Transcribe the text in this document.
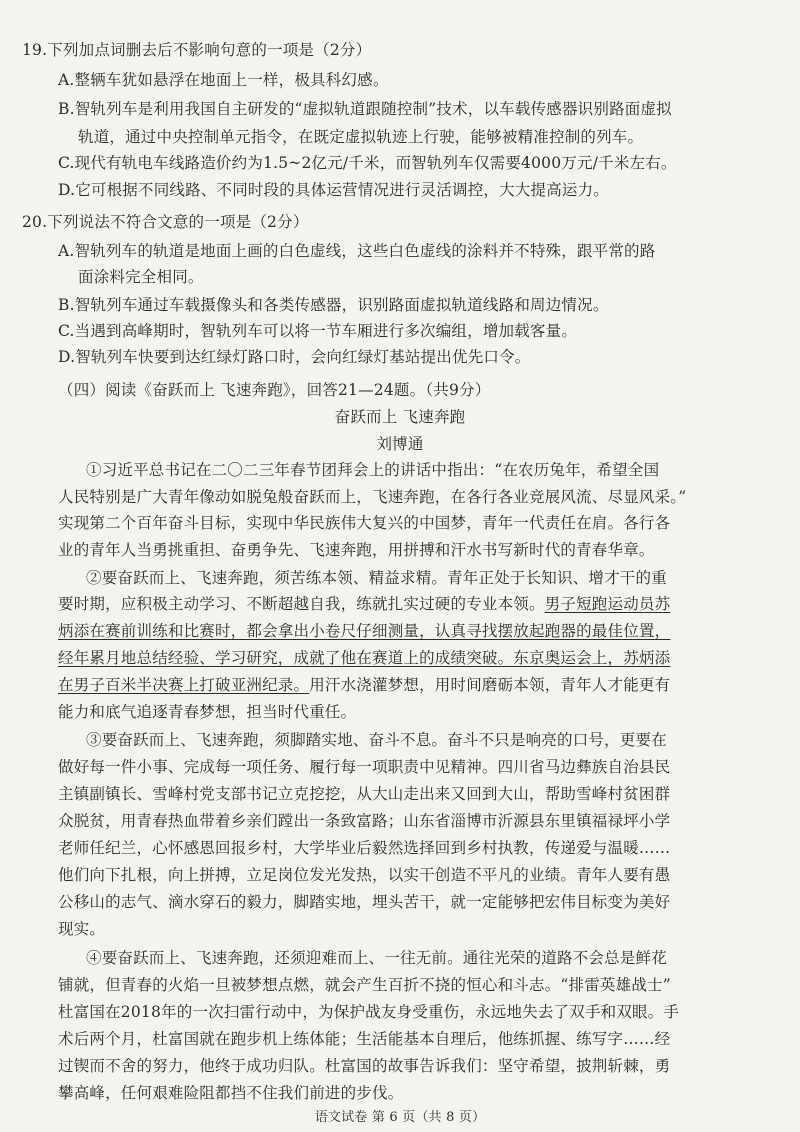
19.下列加点词删去后不影响句意的一项是（2分）
A.整辆车犹如悬浮在地面上一样，极具科幻感。
B.智轨列车是利用我国自主研发的“虚拟轨道跟随控制”技术，以车载传感器识别路面虚拟
轨道，通过中央控制单元指令，在既定虚拟轨迹上行驶，能够被精准控制的列车。
C.现代有轨电车线路造价约为1.5~2亿元/千米，而智轨列车仅需要4000万元/千米左右。
D.它可根据不同线路、不同时段的具体运营情况进行灵活调控，大大提高运力。
20.下列说法不符合文意的一项是（2分）
A.智轨列车的轨道是地面上画的白色虚线，这些白色虚线的涂料并不特殊，跟平常的路
面涂料完全相同。
B.智轨列车通过车载摄像头和各类传感器，识别路面虚拟轨道线路和周边情况。
C.当遇到高峰期时，智轨列车可以将一节车厢进行多次编组，增加载客量。
D.智轨列车快要到达红绿灯路口时，会向红绿灯基站提出优先口令。
（四）阅读《奋跃而上 飞速奔跑》，回答21—24题。（共9分）
奋跃而上 飞速奔跑
刘博通
①习近平总书记在二〇二三年春节团拜会上的讲话中指出：“在农历兔年，希望全国
人民特别是广大青年像动如脱兔般奋跃而上，飞速奔跑，在各行各业竞展风流、尽显风采。”
实现第二个百年奋斗目标，实现中华民族伟大复兴的中国梦，青年一代责任在肩。各行各
业的青年人当勇挑重担、奋勇争先、飞速奔跑，用拼搏和汗水书写新时代的青春华章。
②要奋跃而上、飞速奔跑，须苦练本领、精益求精。青年正处于长知识、增才干的重
要时期，应积极主动学习、不断超越自我，练就扎实过硬的专业本领。男子短跑运动员苏
炳添在赛前训练和比赛时，都会拿出小卷尺仔细测量，认真寻找摆放起跑器的最佳位置，
经年累月地总结经验、学习研究，成就了他在赛道上的成绩突破。东京奥运会上，苏炳添
在男子百米半决赛上打破亚洲纪录。用汗水浇灌梦想，用时间磨砺本领，青年人才能更有
能力和底气追逐青春梦想，担当时代重任。
③要奋跃而上、飞速奔跑，须脚踏实地、奋斗不息。奋斗不只是响亮的口号，更要在
做好每一件小事、完成每一项任务、履行每一项职责中见精神。四川省马边彝族自治县民
主镇副镇长、雪峰村党支部书记立克挖挖，从大山走出来又回到大山，帮助雪峰村贫困群
众脱贫，用青春热血带着乡亲们蹚出一条致富路；山东省淄博市沂源县东里镇福禄坪小学
老师任纪兰，心怀感恩回报乡村，大学毕业后毅然选择回到乡村执教，传递爱与温暖……
他们向下扎根，向上拼搏，立足岗位发光发热，以实干创造不平凡的业绩。青年人要有愚
公移山的志气、滴水穿石的毅力，脚踏实地，埋头苦干，就一定能够把宏伟目标变为美好
现实。
④要奋跃而上、飞速奔跑，还须迎难而上、一往无前。通往光荣的道路不会总是鲜花
铺就，但青春的火焰一旦被梦想点燃，就会产生百折不挠的恒心和斗志。“排雷英雄战士”
杜富国在2018年的一次扫雷行动中，为保护战友身受重伤，永远地失去了双手和双眼。手
术后两个月，杜富国就在跑步机上练体能；生活能基本自理后，他练抓握、练写字……经
过锲而不舍的努力，他终于成功归队。杜富国的故事告诉我们：坚守希望，披荆斩棘，勇
攀高峰，任何艰难险阻都挡不住我们前进的步伐。
语文试卷 第 6 页（共 8 页）
